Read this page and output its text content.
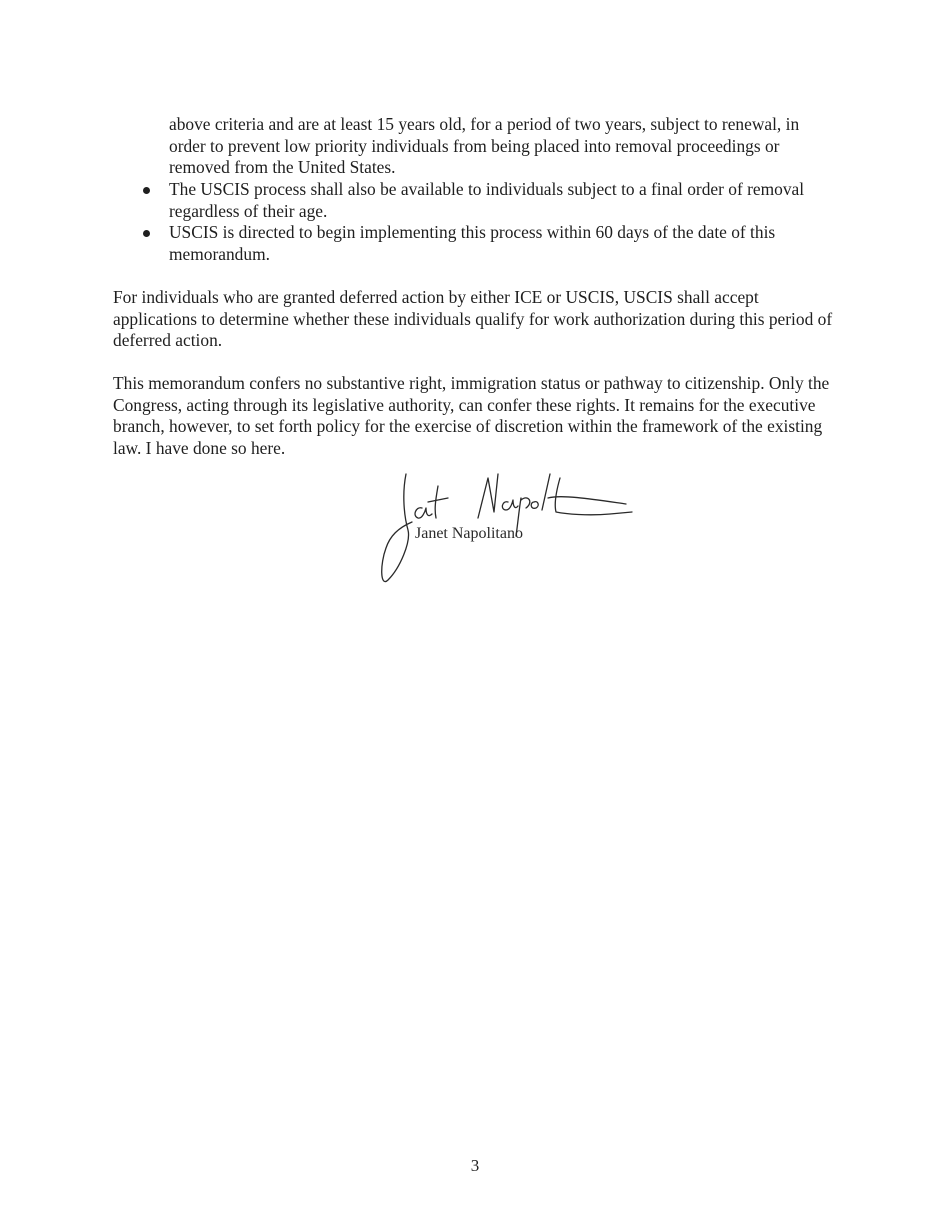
above criteria and are at least 15 years old, for a period of two years, subject to renewal, in order to prevent low priority individuals from being placed into removal proceedings or removed from the United States.

The USCIS process shall also be available to individuals subject to a final order of removal regardless of their age.
USCIS is directed to begin implementing this process within 60 days of the date of this memorandum.

For individuals who are granted deferred action by either ICE or USCIS, USCIS shall accept applications to determine whether these individuals qualify for work authorization during this period of deferred action.

This memorandum confers no substantive right, immigration status or pathway to citizenship. Only the Congress, acting through its legislative authority, can confer these rights. It remains for the executive branch, however, to set forth policy for the exercise of discretion within the framework of the existing law. I have done so here.

Janet Napolitano
3
